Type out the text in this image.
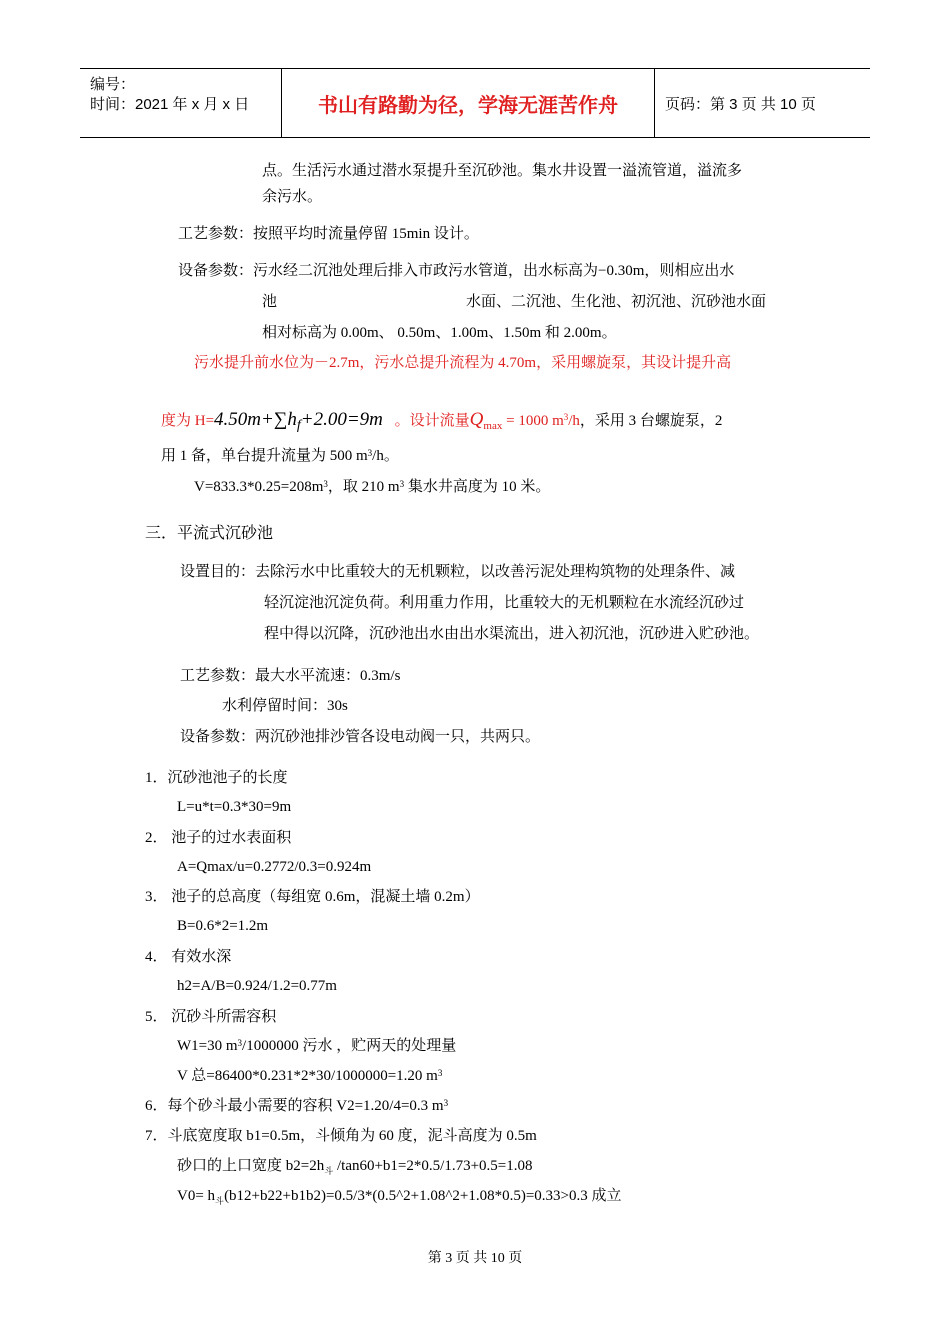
编号：
时间：2021 年 x 月 x 日	书山有路勤为径，学海无涯苦作舟	页码：第 3 页 共 10 页
点。生活污水通过潜水泵提升至沉砂池。集水井设置一溢流管道，溢流多
余污水。
工艺参数：按照平均时流量停留 15min 设计。
设备参数：污水经二沉池处理后排入市政污水管道，出水标高为−0.30m，则相应出水
池	水面、二沉池、生化池、初沉池、沉砂池水面
相对标高为 0.00m、 0.50m、1.00m、1.50m 和 2.00m。
污水提升前水位为－2.7m，污水总提升流程为 4.70m，采用螺旋泵，其设计提升高
度为 $H=4.50m+\sum h_f+2.00=9m$ 。设计流量$Q_{max} = 1000$ $m^3/h$，采用 3 台螺旋泵，2
用 1 备，单台提升流量为 500 $m^3/h$。
$V=833.3*0.25=208m^3$，取 210 $m^3$ 集水井高度为 10 米。
三．平流式沉砂池
设置目的：去除污水中比重较大的无机颗粒，以改善污泥处理构筑物的处理条件、减
轻沉淀池沉淀负荷。利用重力作用，比重较大的无机颗粒在水流经沉砂过
程中得以沉降，沉砂池出水由出水渠流出，进入初沉池，沉砂进入贮砂池。
工艺参数：最大水平流速：0.3m/s
水利停留时间：30s
设备参数：两沉砂池排沙管各设电动阀一只，共两只。
1．沉砂池池子的长度
L=u*t=0.3*30=9m
2． 池子的过水表面积
A=Qmax/u=0.2772/0.3=0.924m
3． 池子的总高度（每组宽 0.6m，混凝土墙 0.2m）
B=0.6*2=1.2m
4． 有效水深
h2=A/B=0.924/1.2=0.77m
5． 沉砂斗所需容积
W1=30 $m^3/1000000$ 污水 ，贮两天的处理量
V 总=86400*0.231*2*30/1000000=1.20 $m^3$
6．每个砂斗最小需要的容积 V2=1.20/4=0.3 $m^3$
7．斗底宽度取 b1=0.5m，斗倾角为 60 度，泥斗高度为 0.5m
砂口的上口宽度 $b2=2h_斗$ /tan60+b1=2*0.5/1.73+0.5=1.08
$V0= h_斗(b12+b22+b1b2)=0.5/3*(0.5\^{}2+1.08\^{}2+1.08*0.5)=0.33>0.3$ 成立
第 3 页 共 10 页
